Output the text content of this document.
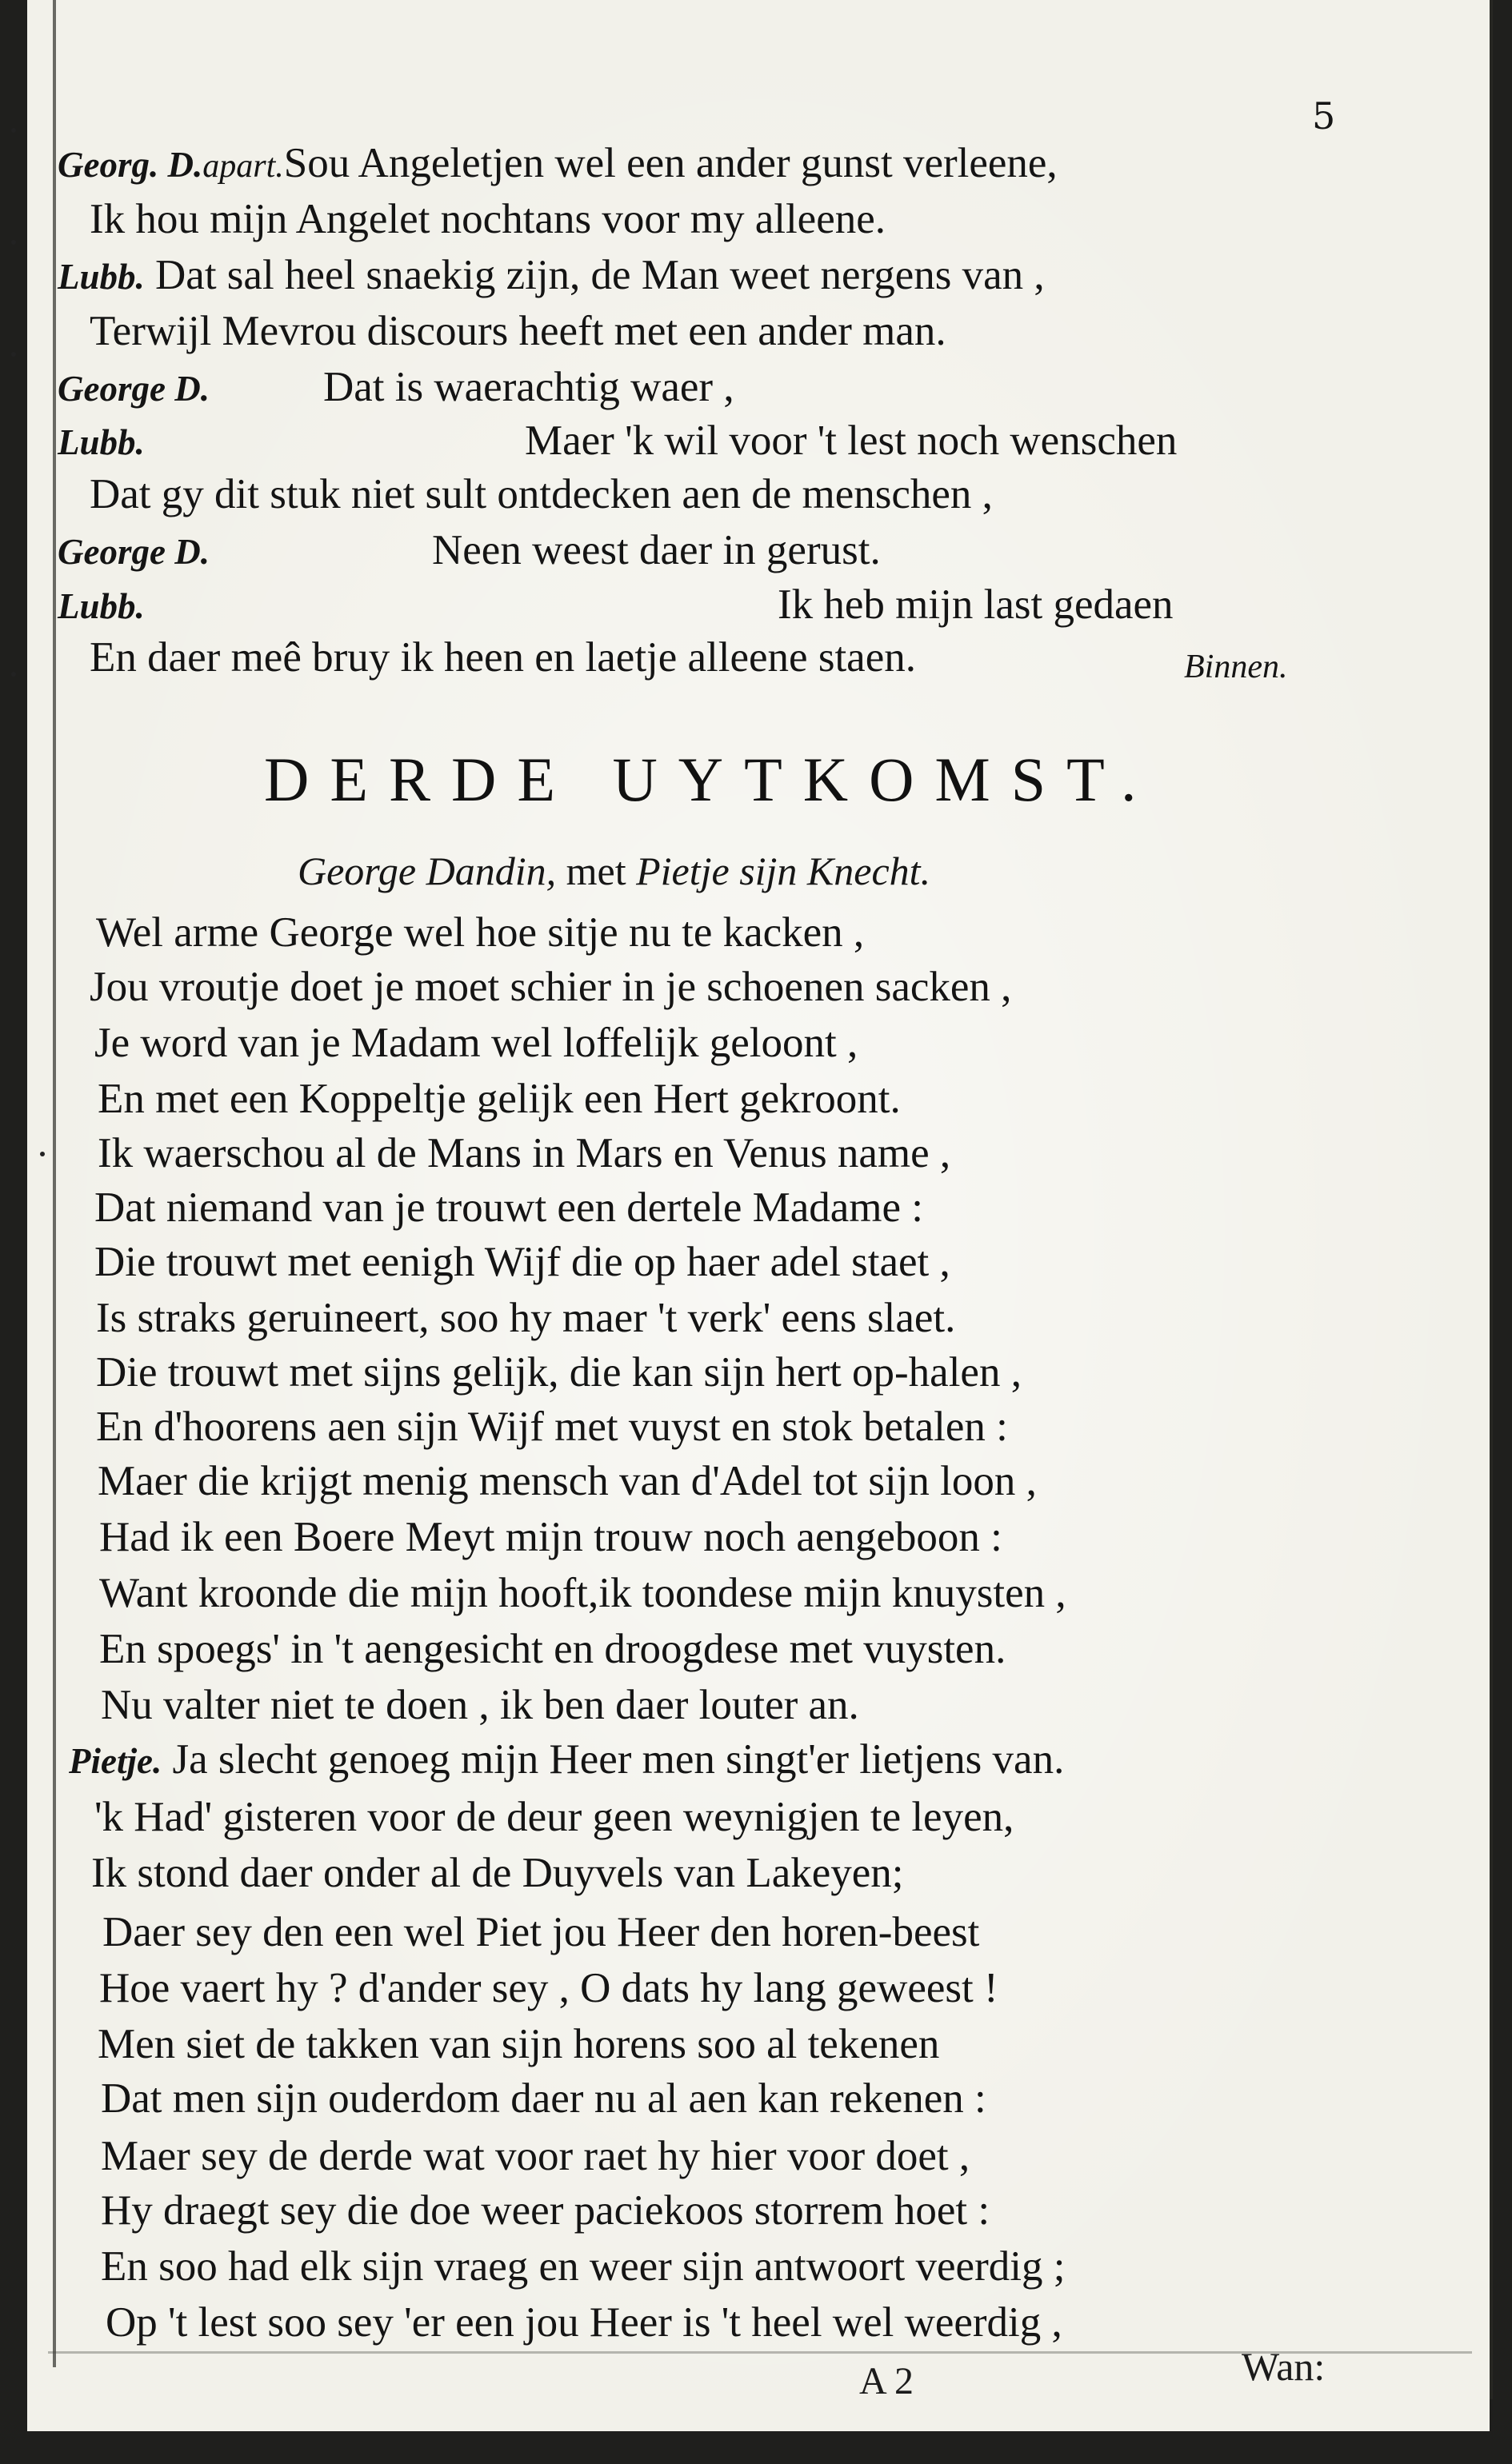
5
Georg. D.apart.Sou Angeletjen wel een ander gunst verleene,
Ik hou mijn Angelet nochtans voor my alleene.
Lubb. Dat sal heel snaekig zijn, de Man weet nergens van ,
Terwijl Mevrou discours heeft met een ander man.
George D.	Dat is waerachtig waer ,
Lubb.	Maer 'k wil voor 't lest noch wenschen
Dat gy dit stuk niet sult ontdecken aen de menschen ,
George D.	Neen weest daer in gerust.
Lubb.	Ik heb mijn last gedaen
En daer meê bruy ik heen en laetje alleene staen.	Binnen.
DERDE UYTKOMST.
George Dandin, met Pietje sijn Knecht.
Wel arme George wel hoe sitje nu te kacken ,
Jou vroutje doet je moet schier in je schoenen sacken ,
Je word van je Madam wel loffelijk geloont ,
En met een Koppeltje gelijk een Hert gekroont.
Ik waerschou al de Mans in Mars en Venus name ,
Dat niemand van je trouwt een dertele Madame :
Die trouwt met eenigh Wijf die op haer adel staet ,
Is straks geruineert, soo hy maer 't verk' eens slaet.
Die trouwt met sijns gelijk, die kan sijn hert op-halen ,
En d'hoorens aen sijn Wijf met vuyst en stok betalen :
Maer die krijgt menig mensch van d'Adel tot sijn loon ,
Had ik een Boere Meyt mijn trouw noch aengeboon :
Want kroonde die mijn hooft,ik toondese mijn knuysten ,
En spoegs' in 't aengesicht en droogdese met vuysten.
Nu valter niet te doen , ik ben daer louter an.
Pietje. Ja slecht genoeg mijn Heer men singt'er lietjens van.
'k Had' gisteren voor de deur geen weynigjen te leyen,
Ik stond daer onder al de Duyvels van Lakeyen;
Daer sey den een wel Piet jou Heer den horen-beest
Hoe vaert hy ? d'ander sey , O dats hy lang geweest !
Men siet de takken van sijn horens soo al tekenen
Dat men sijn ouderdom daer nu al aen kan rekenen :
Maer sey de derde wat voor raet hy hier voor doet ,
Hy draegt sey die doe weer paciekoos storrem hoet :
En soo had elk sijn vraeg en weer sijn antwoort veerdig ;
Op 't lest soo sey 'er een jou Heer is 't heel wel weerdig ,
A 2	Wan:
